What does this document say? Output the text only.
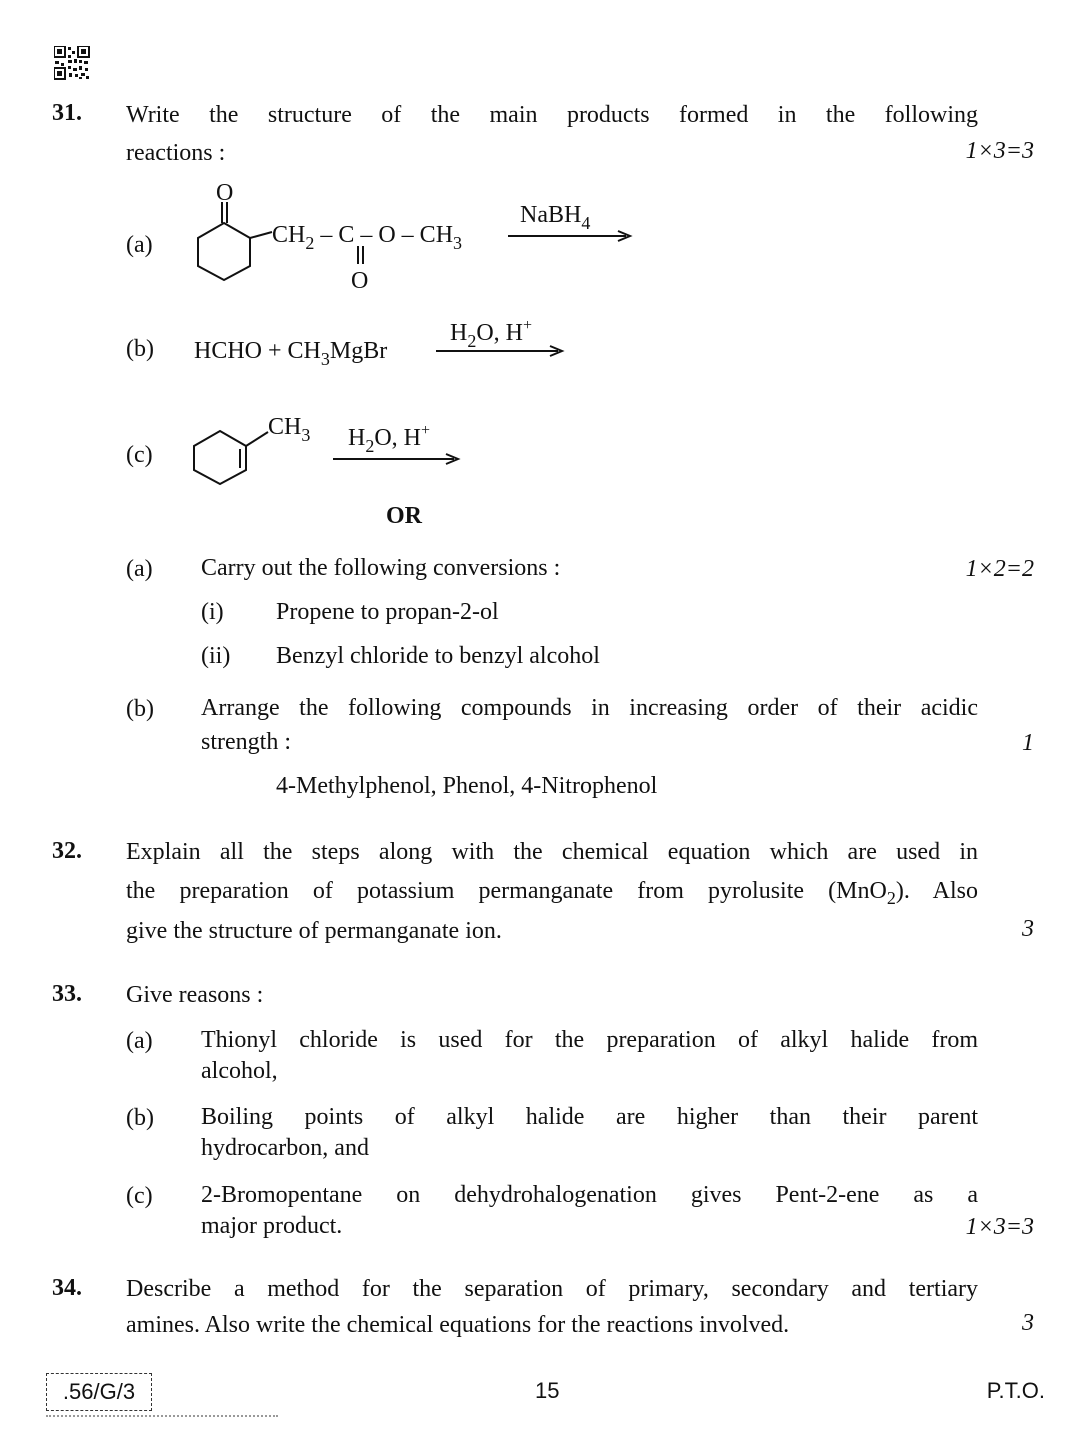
31. Write the structure of the main products formed in the following
reactions :	1×3=3
(a)
O
$CH_2$ – C – O – $CH_3$
O
NaBH$_4$
(b) HCHO + $CH_3MgBr$
$H_2O$, H+
(c)
$CH_3$ $H_2O$, H+
OR
(a) Carry out the following conversions :	1×2=2
(i) Propene to propan-2-ol
(ii) Benzyl chloride to benzyl alcohol
(b) Arrange the following compounds in increasing order of their acidic
strength :	1
4-Methylphenol, Phenol, 4-Nitrophenol
32. Explain all the steps along with the chemical equation which are used in
the preparation of potassium permanganate from pyrolusite (MnO$_2$). Also
give the structure of permanganate ion.	3
33. Give reasons :
(a) Thionyl chloride is used for the preparation of alkyl halide from
alcohol,
(b) Boiling points of alkyl halide are higher than their parent
hydrocarbon, and
(c) 2-Bromopentane on dehydrohalogenation gives Pent-2-ene as a
major product.	1×3=3
34. Describe a method for the separation of primary, secondary and tertiary
amines. Also write the chemical equations for the reactions involved.	3
.56/G/3	15	P.T.O.
